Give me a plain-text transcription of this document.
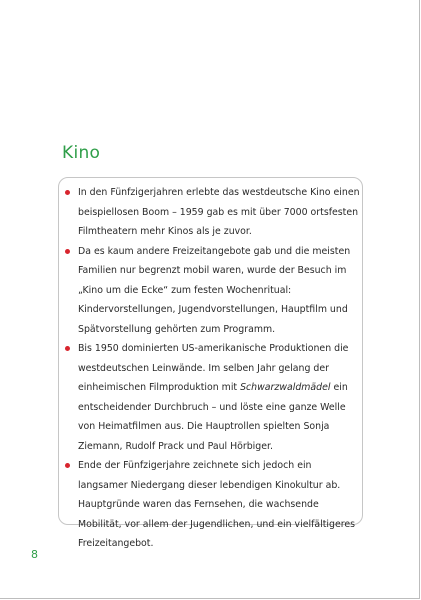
Kino
In den Fünfzigerjahren erlebte das westdeutsche Kino einen beispiellosen Boom – 1959 gab es mit über 7000 ortsfesten Filmtheatern mehr Kinos als je zuvor.
Da es kaum andere Freizeitangebote gab und die meisten Familien nur begrenzt mobil waren, wurde der Besuch im „Kino um die Ecke“ zum festen Wochenritual: Kindervorstellungen, Jugendvorstellungen, Hauptfilm und Spätvorstellung gehörten zum Programm.
Bis 1950 dominierten US-amerikanische Produktionen die westdeutschen Leinwände. Im selben Jahr gelang der einheimischen Filmproduktion mit Schwarzwaldmädel ein entscheidender Durchbruch – und löste eine ganze Welle von Heimatfilmen aus. Die Hauptrollen spielten Sonja Ziemann, Rudolf Prack und Paul Hörbiger.
Ende der Fünfzigerjahre zeichnete sich jedoch ein langsamer Niedergang dieser lebendigen Kinokultur ab. Hauptgründe waren das Fernsehen, die wachsende Mobilität, vor allem der Jugendlichen, und ein vielfältigeres Freizeitangebot.
8
